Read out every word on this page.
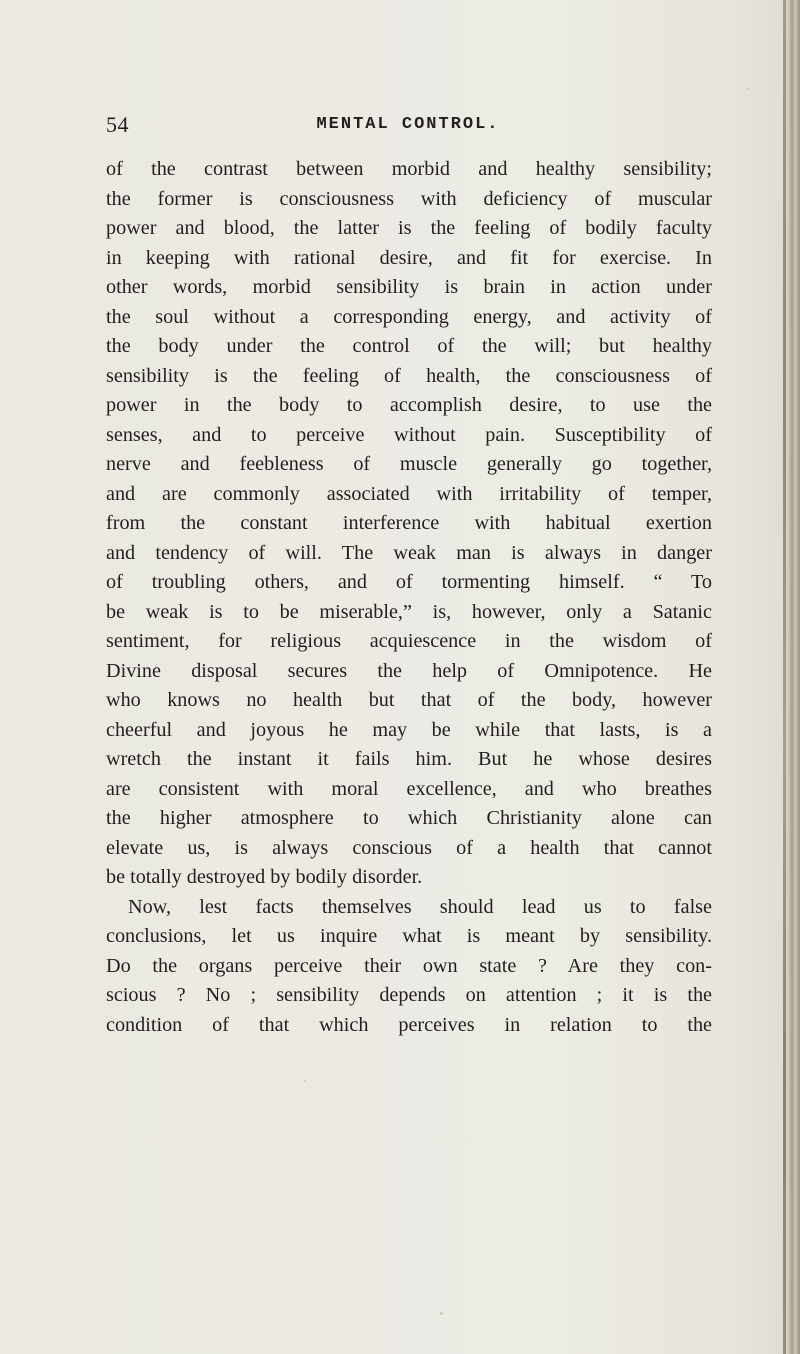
54	MENTAL CONTROL.
of the contrast between morbid and healthy sensibility;
the former is consciousness with deficiency of muscular
power and blood, the latter is the feeling of bodily faculty
in keeping with rational desire, and fit for exercise. In
other words, morbid sensibility is brain in action under
the soul without a corresponding energy, and activity of
the body under the control of the will; but healthy
sensibility is the feeling of health, the consciousness of
power in the body to accomplish desire, to use the
senses, and to perceive without pain. Susceptibility of
nerve and feebleness of muscle generally go together,
and are commonly associated with irritability of temper,
from the constant interference with habitual exertion
and tendency of will. The weak man is always in danger
of troubling others, and of tormenting himself. “ To
be weak is to be miserable,” is, however, only a Satanic
sentiment, for religious acquiescence in the wisdom of
Divine disposal secures the help of Omnipotence. He
who knows no health but that of the body, however
cheerful and joyous he may be while that lasts, is a
wretch the instant it fails him. But he whose desires
are consistent with moral excellence, and who breathes
the higher atmosphere to which Christianity alone can
elevate us, is always conscious of a health that cannot
be totally destroyed by bodily disorder.
Now, lest facts themselves should lead us to false
conclusions, let us inquire what is meant by sensibility.
Do the organs perceive their own state ? Are they con-
scious ? No ; sensibility depends on attention ; it is the
condition of that which perceives in relation to the
